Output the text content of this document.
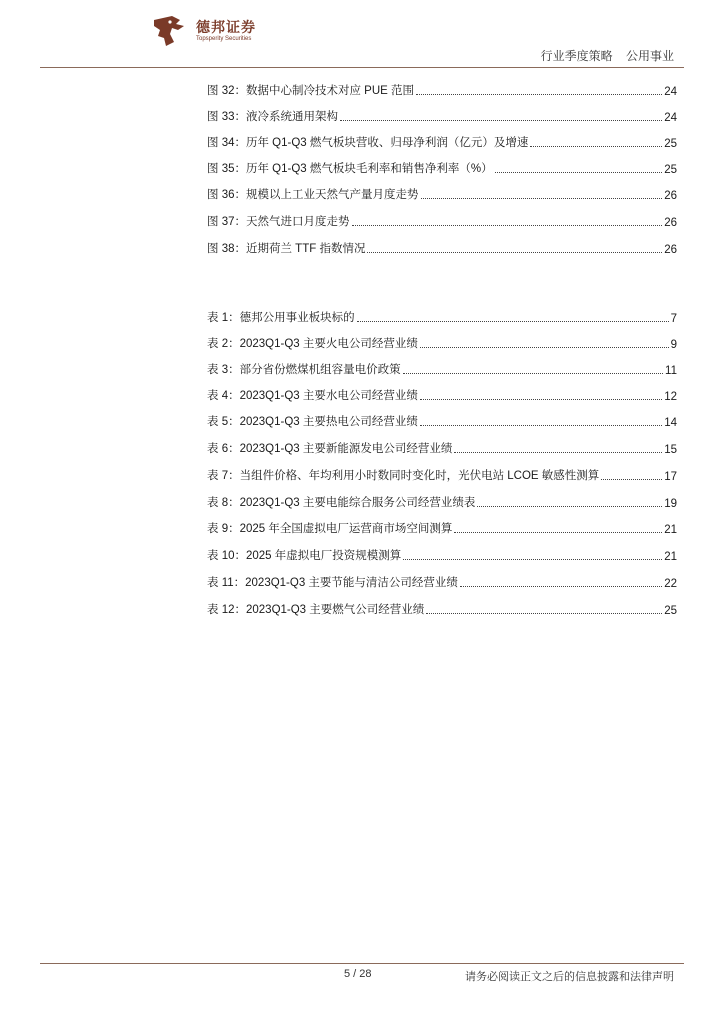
德邦证券
Topsperity Securities
行业季度策略 公用事业
图 32：数据中心制冷技术对应 PUE 范围	24
图 33：液冷系统通用架构	24
图 34：历年 Q1-Q3 燃气板块营收、归母净利润（亿元）及增速	25
图 35：历年 Q1-Q3 燃气板块毛利率和销售净利率（%）	25
图 36：规模以上工业天然气产量月度走势	26
图 37：天然气进口月度走势	26
图 38：近期荷兰 TTF 指数情况	26
表 1：德邦公用事业板块标的	7
表 2：2023Q1-Q3 主要火电公司经营业绩	9
表 3：部分省份燃煤机组容量电价政策	11
表 4：2023Q1-Q3 主要水电公司经营业绩	12
表 5：2023Q1-Q3 主要热电公司经营业绩	14
表 6：2023Q1-Q3 主要新能源发电公司经营业绩	15
表 7：当组件价格、年均利用小时数同时变化时，光伏电站 LCOE 敏感性测算	17
表 8：2023Q1-Q3 主要电能综合服务公司经营业绩表	19
表 9：2025 年全国虚拟电厂运营商市场空间测算	21
表 10：2025 年虚拟电厂投资规模测算	21
表 11：2023Q1-Q3 主要节能与清洁公司经营业绩	22
表 12：2023Q1-Q3 主要燃气公司经营业绩	25
5 / 28	请务必阅读正文之后的信息披露和法律声明
